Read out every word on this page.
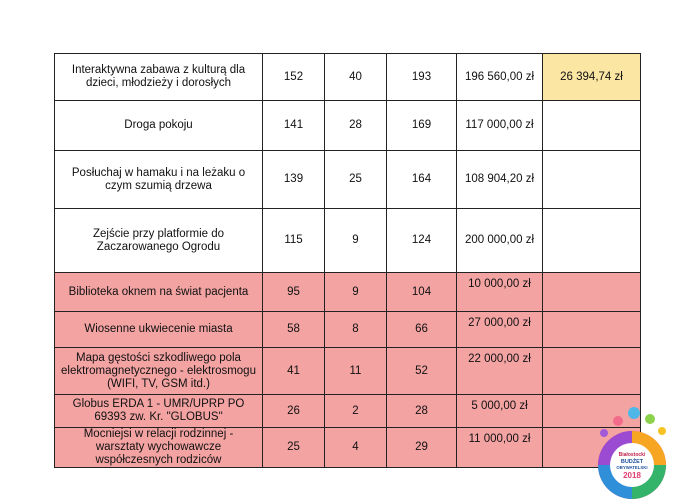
Interaktywna zabawa z kulturą dla dzieci, młodzieży i dorosłych	152	40	193	196 560,00 zł	26 394,74 zł
Droga pokoju	141	28	169	117 000,00 zł	
Posłuchaj w hamaku i na leżaku o czym szumią drzewa	139	25	164	108 904,20 zł	
Zejście przy platformie do Zaczarowanego Ogrodu	115	9	124	200 000,00 zł	
Biblioteka oknem na świat pacjenta	95	9	104	10 000,00 zł	
Wiosenne ukwiecenie miasta	58	8	66	27 000,00 zł	
Mapa gęstości szkodliwego pola elektromagnetycznego - elektrosmogu (WIFI, TV, GSM itd.)	41	11	52	22 000,00 zł	
Globus ERDA 1 - UMR/UPRP PO 69393 zw. Kr. "GLOBUS"	26	2	28	5 000,00 zł	
Mocniejsi w relacji rodzinnej - warsztaty wychowawcze współczesnych rodziców	25	4	29	11 000,00 zł	
Białostocki
BUDŻET
OBYWATELSKI
2018
